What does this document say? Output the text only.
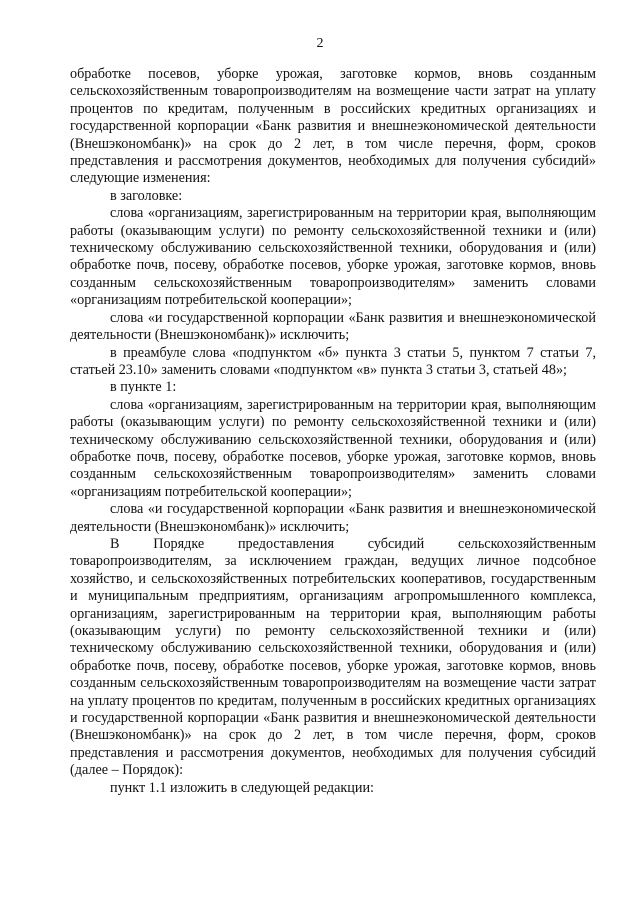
2

обработке посевов, уборке урожая, заготовке кормов, вновь созданным сельскохозяйственным товаропроизводителям на возмещение части затрат на уплату процентов по кредитам, полученным в российских кредитных организациях и государственной корпорации «Банк развития и внешнеэкономической деятельности (Внешэкономбанк)» на срок до 2 лет, в том числе перечня, форм, сроков представления и рассмотрения документов, необходимых для получения субсидий» следующие изменения:

в заголовке:

слова «организациям, зарегистрированным на территории края, выполняющим работы (оказывающим услуги) по ремонту сельскохозяйственной техники и (или) техническому обслуживанию сельскохозяйственной техники, оборудования и (или) обработке почв, посеву, обработке посевов, уборке урожая, заготовке кормов, вновь созданным сельскохозяйственным товаропроизводителям» заменить словами «организациям потребительской кооперации»;

слова «и государственной корпорации «Банк развития и внешнеэкономической деятельности (Внешэкономбанк)» исключить;

в преамбуле слова «подпунктом «б» пункта 3 статьи 5, пунктом 7 статьи 7, статьей 23.10» заменить словами «подпунктом «в» пункта 3 статьи 3, статьей 48»;

в пункте 1:

слова «организациям, зарегистрированным на территории края, выполняющим работы (оказывающим услуги) по ремонту сельскохозяйственной техники и (или) техническому обслуживанию сельскохозяйственной техники, оборудования и (или) обработке почв, посеву, обработке посевов, уборке урожая, заготовке кормов, вновь созданным сельскохозяйственным товаропроизводителям» заменить словами «организациям потребительской кооперации»;

слова «и государственной корпорации «Банк развития и внешнеэкономической деятельности (Внешэкономбанк)» исключить;

В Порядке предоставления субсидий сельскохозяйственным товаропроизводителям, за исключением граждан, ведущих личное подсобное хозяйство, и сельскохозяйственных потребительских кооперативов, государственным и муниципальным предприятиям, организациям агропромышленного комплекса, организациям, зарегистрированным на территории края, выполняющим работы (оказывающим услуги) по ремонту сельскохозяйственной техники и (или) техническому обслуживанию сельскохозяйственной техники, оборудования и (или) обработке почв, посеву, обработке посевов, уборке урожая, заготовке кормов, вновь созданным сельскохозяйственным товаропроизводителям на возмещение части затрат на уплату процентов по кредитам, полученным в российских кредитных организациях и государственной корпорации «Банк развития и внешнеэкономической деятельности (Внешэкономбанк)» на срок до 2 лет, в том числе перечня, форм, сроков представления и рассмотрения документов, необходимых для получения субсидий (далее – Порядок):

пункт 1.1 изложить в следующей редакции:
